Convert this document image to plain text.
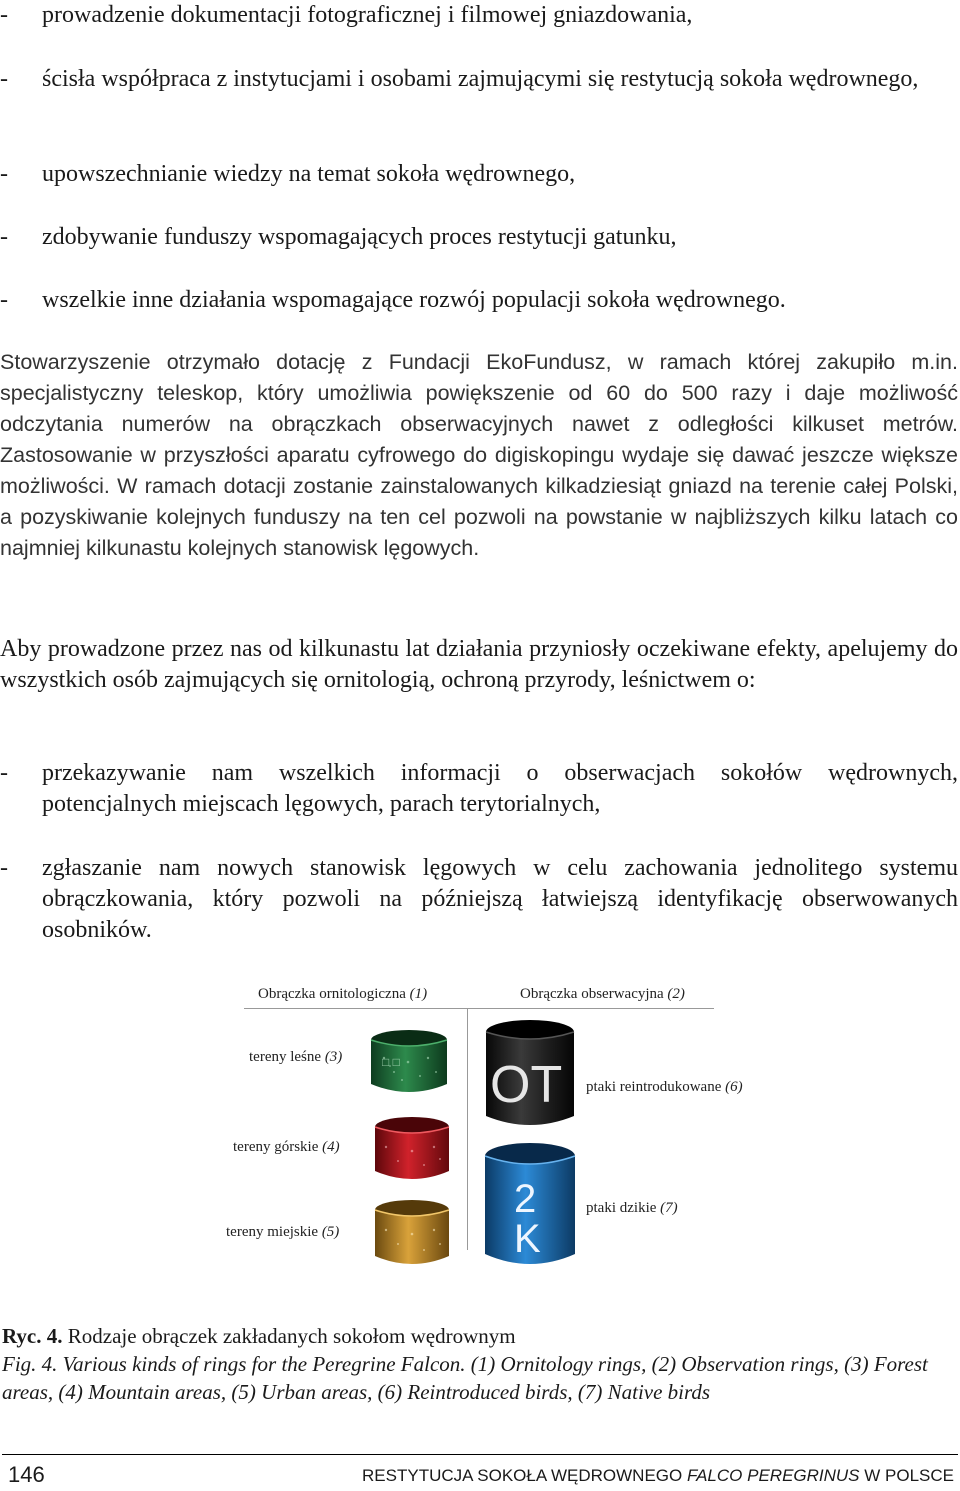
- prowadzenie dokumentacji fotograficznej i filmowej gniazdowania,
- ścisła współpraca z instytucjami i osobami zajmującymi się restytucją sokoła wędrownego,
- upowszechnianie wiedzy na temat sokoła wędrownego,
- zdobywanie funduszy wspomagających proces restytucji gatunku,
- wszelkie inne działania wspomagające rozwój populacji sokoła wędrownego.
Stowarzyszenie otrzymało dotację z Fundacji EkoFundusz, w ramach której zakupiło m.in. specjalistyczny teleskop, który umożliwia powiększenie od 60 do 500 razy i daje możliwość odczytania numerów na obrączkach obserwacyjnych nawet z odległości kilkuset metrów. Zastosowanie w przyszłości aparatu cyfrowego do digiskopingu wydaje się dawać jeszcze większe możliwości. W ramach dotacji zostanie zainstalowanych kilkadziesiąt gniazd na terenie całej Polski, a pozyskiwanie kolejnych funduszy na ten cel pozwoli na powstanie w najbliższych kilku latach co najmniej kilkunastu kolejnych stanowisk lęgowych.
Aby prowadzone przez nas od kilkunastu lat działania przyniosły oczekiwane efekty, apelujemy do wszystkich osób zajmujących się ornitologią, ochroną przyrody, leśnictwem o:
- przekazywanie nam wszelkich informacji o obserwacjach sokołów wędrownych, potencjalnych miejscach lęgowych, parach terytorialnych,
- zgłaszanie nam nowych stanowisk lęgowych w celu zachowania jednolitego systemu obrączkowania, który pozwoli na późniejszą łatwiejszą identyfikację obserwowanych osobników.
Obrączka ornitologiczna (1)	Obrączka obserwacyjna (2)
tereny leśne (3)
tereny górskie (4)
tereny miejskie (5)
ptaki reintrodukowane (6)
ptaki dzikie (7)
□ □ OT
2
K
Ryc. 4. Rodzaje obrączek zakładanych sokołom wędrownym
Fig. 4. Various kinds of rings for the Peregrine Falcon. (1) Ornitology rings, (2) Observation rings, (3) Forest areas, (4) Mountain areas, (5) Urban areas, (6) Reintroduced birds, (7) Native birds
146	RESTYTUCJA SOKOŁA WĘDROWNEGO FALCO PEREGRINUS W POLSCE
